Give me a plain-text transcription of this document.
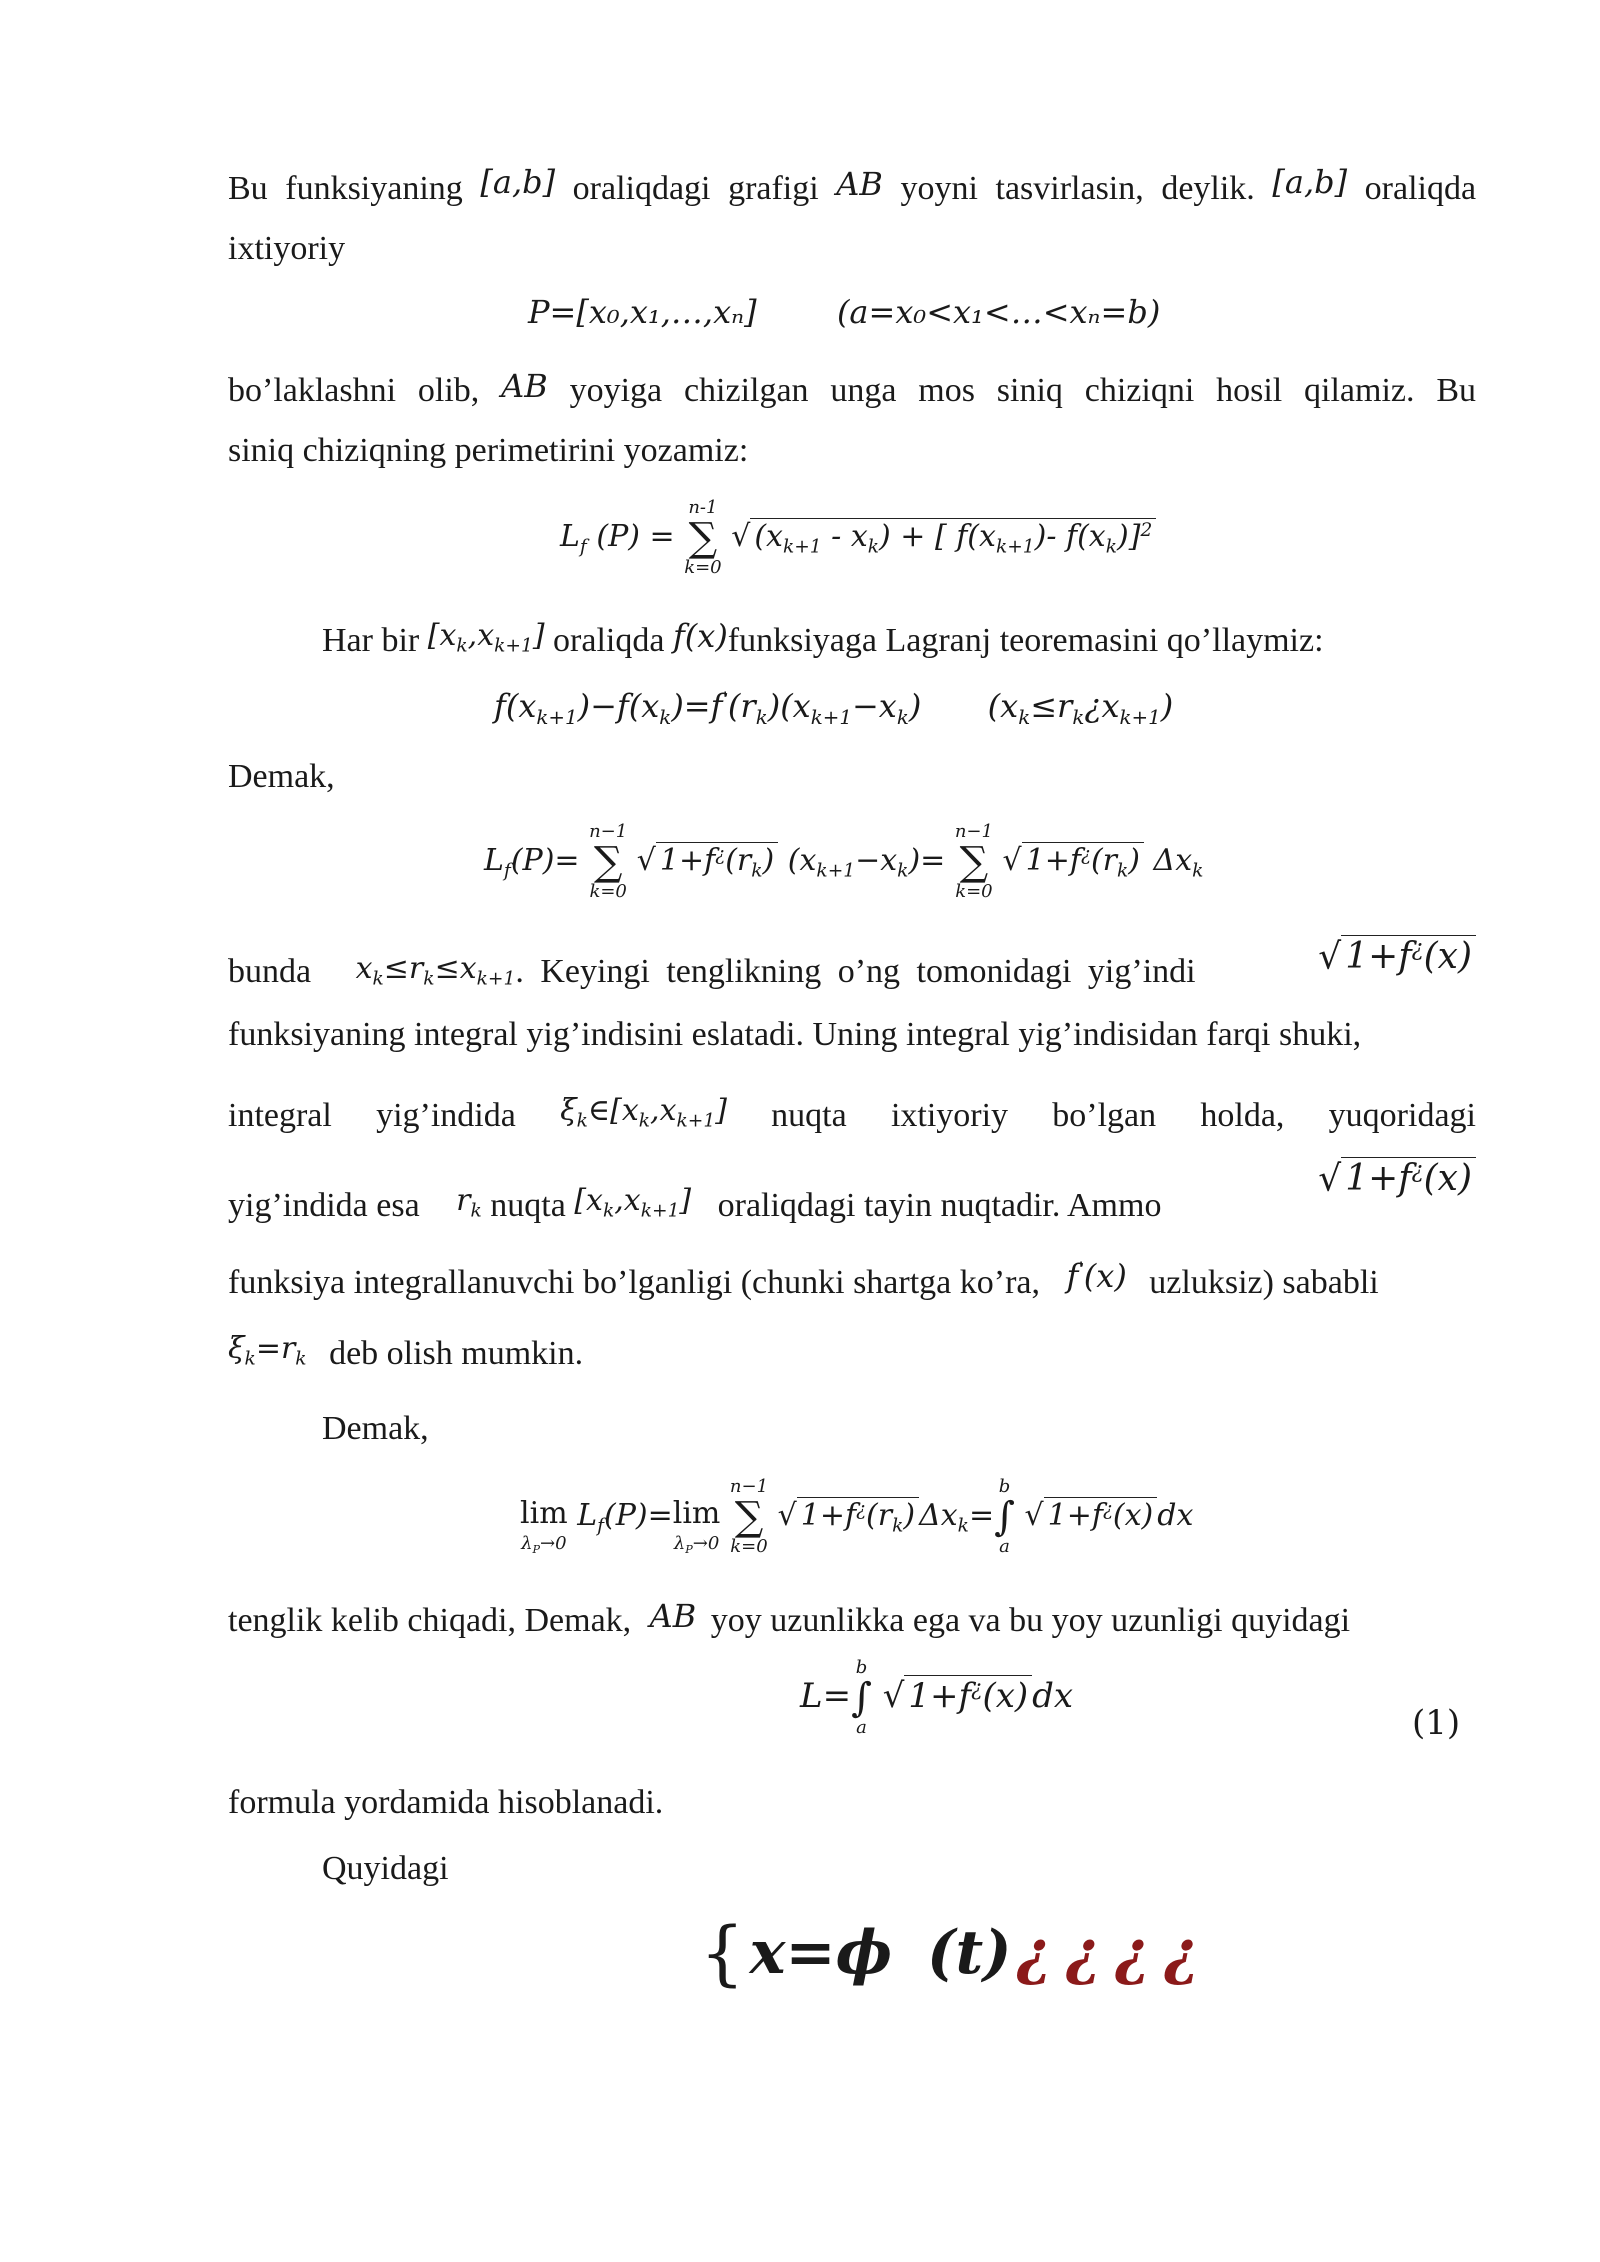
Bu funksiyaning [a,b] oraliqdagi grafigi AB yoyni tasvirlasin, deylik. [a,b] oraliqda
ixtiyoriy
P=[x₀,x₁,…,xₙ]	(a=x₀<x₁<…<xₙ=b)
bo’laklashni olib, AB yoyiga chizilgan unga mos siniq chiziqni hosil qilamiz. Bu
siniq chiziqning perimetirini yozamiz:
$L_f$ (P) =
n-1
∑
k=0
√ $(x_{k+1} - x_k)$ + [ $f(x_{k+1})-$ $f(x_k)]^2$
Har bir $[x_k,x_{k+1}]$ oraliqda f(x)funksiyaga Lagranj teoremasini qo’llaymiz:
$f(x_{k+1})-f(x_k)=f'(r_k)(x_{k+1}-x_k)$ $(x_k\le r_k¿x_{k+1})$
Demak,
$L_f(P)=$
n−1
∑
k=0
√ $1+f^¿(r_k)$ $(x_{k+1}-x_k)=$
n−1
∑
k=0
√ $1+f^¿(r_k)$ $\Delta x_k$
bunda $x_k\le r_k\le x_{k+1}$. Keyingi tenglikning o’ng tomonidagi yig’indi	√ 1+f¿(x)
funksiyaning integral yig’indisini eslatadi. Uning integral yig’indisidan farqi shuki,
integral yig’indida $\xi_k\in[x_k,x_{k+1}]$ nuqta ixtiyoriy bo’lgan holda, yuqoridagi
yig’indida esa $r_k$ nuqta $[x_k,x_{k+1}]$ oraliqdagi tayin nuqtadir. Ammo
√ 1+f¿(x)
funksiya integrallanuvchi bo’lganligi (chunki shartga ko’ra, f'(x) uzluksiz) sababli
$\xi_k=r_k$ deb olish mumkin.
Demak,

lim
$\lambda_P\to 0$
$L_f(P)=$
lim
$\lambda_P\to 0$

n−1
∑
k=0
√ $1+f^¿(r_k)$ $\Delta x_k=$
b
∫
a
√ 1+f¿(x) dx
tenglik kelib chiqadi, Demak, AB yoy uzunlikka ega va bu yoy uzunligi quyidagi
L=
b
∫
a
√ 1+f¿(x) dx
(1)
formula yordamida hisoblanadi.
Quyidagi
{ x=ϕ (t) ¿¿¿¿
